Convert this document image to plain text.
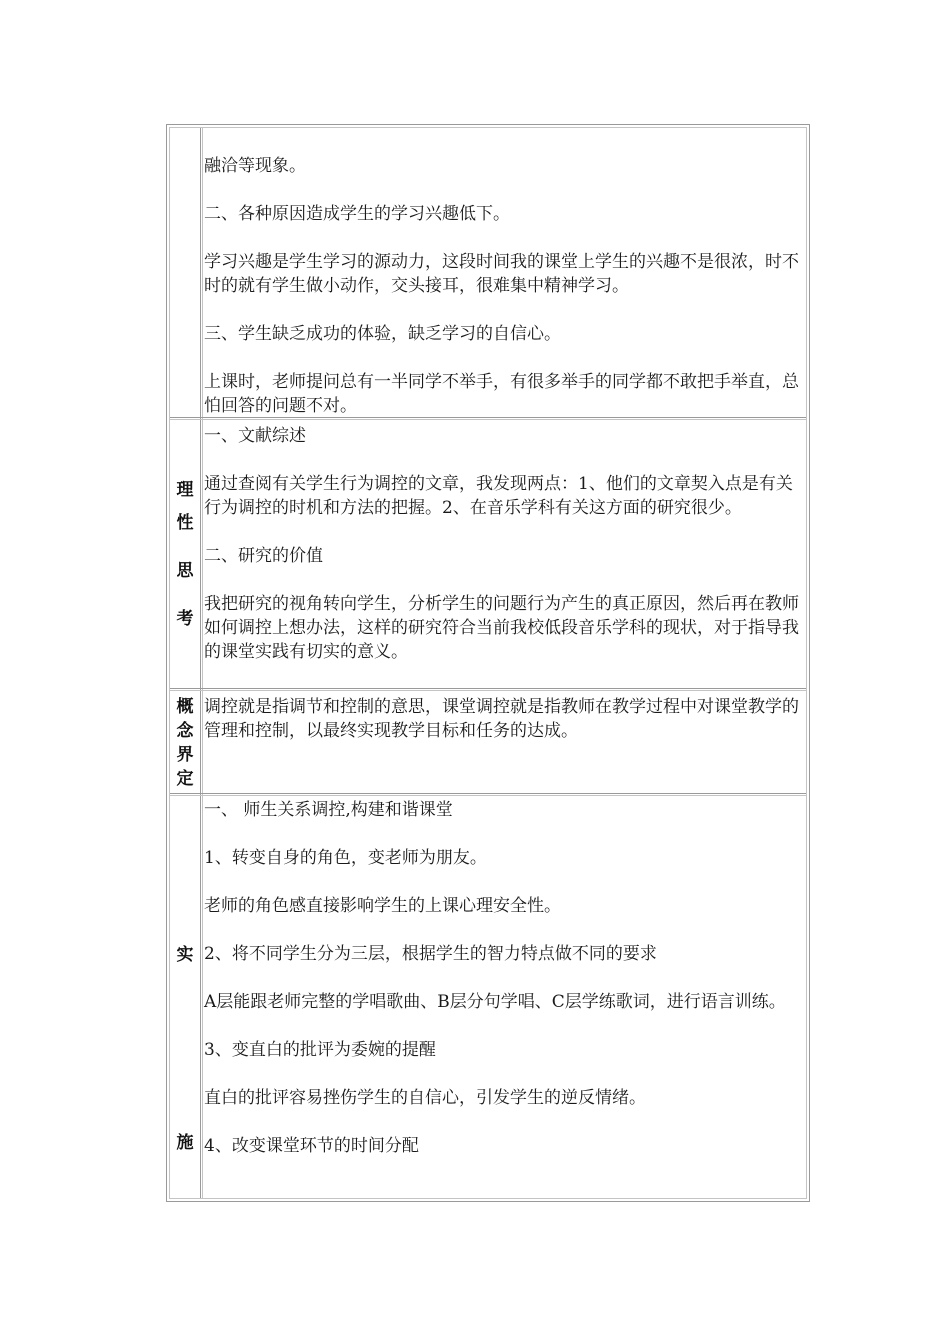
融洽等现象。

二、各种原因造成学生的学习兴趣低下。

学习兴趣是学生学习的源动力，这段时间我的课堂上学生的兴趣不是很浓，时不时的就有学生做小动作，交头接耳，很难集中精神学习。

三、学生缺乏成功的体验，缺乏学习的自信心。

上课时，老师提问总有一半同学不举手，有很多举手的同学都不敢把手举直，总怕回答的问题不对。

理
性
思
考

一、文献综述

通过查阅有关学生行为调控的文章，我发现两点：1、他们的文章契入点是有关行为调控的时机和方法的把握。2、在音乐学科有关这方面的研究很少。

二、研究的价值

我把研究的视角转向学生，分析学生的问题行为产生的真正原因，然后再在教师如何调控上想办法，这样的研究符合当前我校低段音乐学科的现状，对于指导我的课堂实践有切实的意义。

概
念
界
定

调控就是指调节和控制的意思，课堂调控就是指教师在教学过程中对课堂教学的管理和控制，以最终实现教学目标和任务的达成。

实
施

一、 师生关系调控,构建和谐课堂

1、转变自身的角色，变老师为朋友。

老师的角色感直接影响学生的上课心理安全性。

2、将不同学生分为三层，根据学生的智力特点做不同的要求

A层能跟老师完整的学唱歌曲、B层分句学唱、C层学练歌词，进行语言训练。

3、变直白的批评为委婉的提醒

直白的批评容易挫伤学生的自信心，引发学生的逆反情绪。

4、改变课堂环节的时间分配
